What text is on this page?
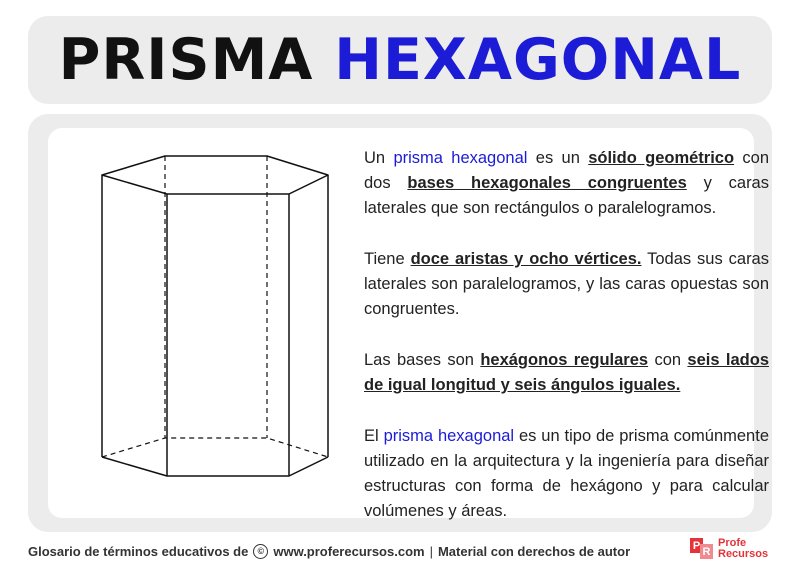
PRISMA HEXAGONAL

Un prisma hexagonal es un sólido geométrico con dos bases hexagonales congruentes y caras laterales que son rectángulos o paralelogramos.

Tiene doce aristas y ocho vértices. Todas sus caras laterales son paralelogramos, y las caras opuestas son congruentes.

Las bases son hexágonos regulares con seis lados de igual longitud y seis ángulos iguales.

El prisma hexagonal es un tipo de prisma comúnmente utilizado en la arquitectura y la ingeniería para diseñar estructuras con forma de hexágono y para calcular volúmenes y áreas.

Glosario de términos educativos de	© www.proferecursos.com | Material con derechos de autor	P R
Profe
Recursos
